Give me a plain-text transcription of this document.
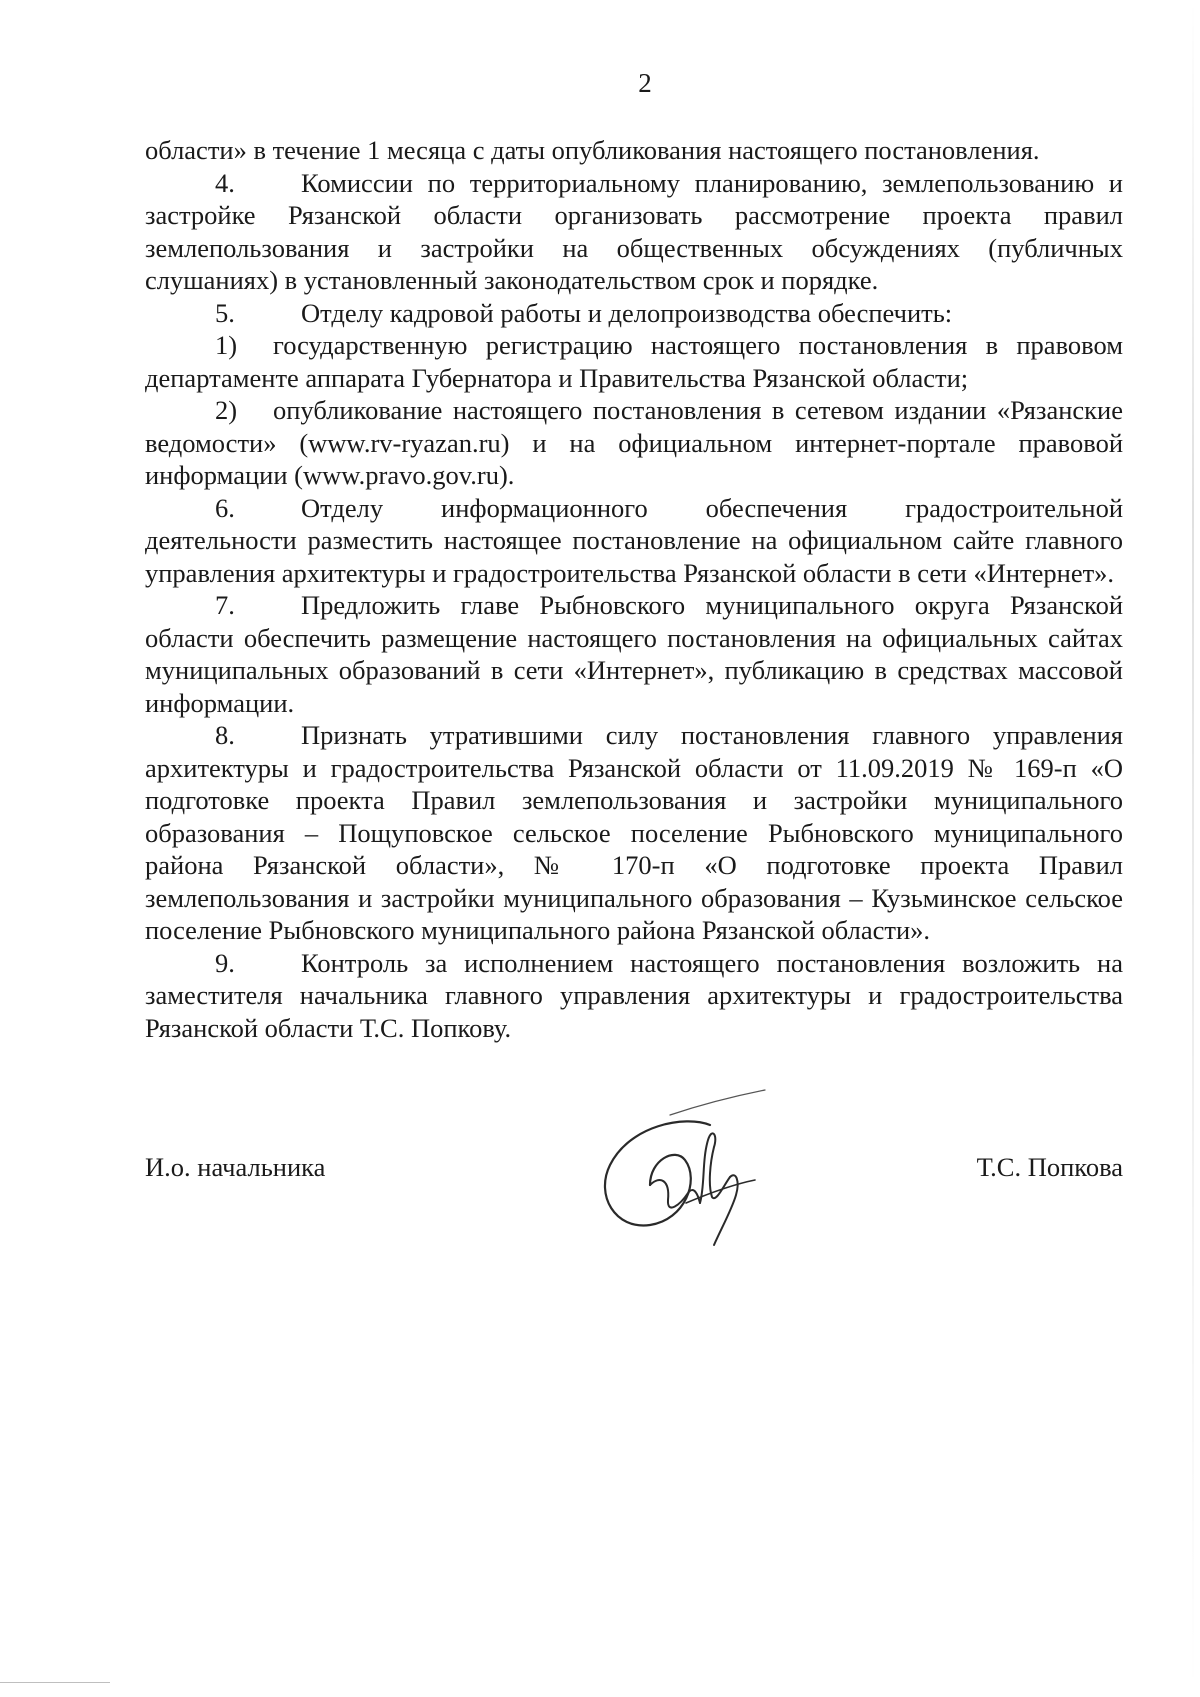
2

области» в течение 1 месяца с даты опубликования настоящего постановления.

4. Комиссии по территориальному планированию, землепользованию и застройке Рязанской области организовать рассмотрение проекта правил землепользования и застройки на общественных обсуждениях (публичных слушаниях) в установленный законодательством срок и порядке.

5. Отделу кадровой работы и делопроизводства обеспечить:

1) государственную регистрацию настоящего постановления в правовом департаменте аппарата Губернатора и Правительства Рязанской области;

2) опубликование настоящего постановления в сетевом издании «Рязанские ведомости» (www.rv-ryazan.ru) и на официальном интернет-портале правовой информации (www.pravo.gov.ru).

6. Отделу информационного обеспечения градостроительной деятельности разместить настоящее постановление на официальном сайте главного управления архитектуры и градостроительства Рязанской области в сети «Интернет».

7. Предложить главе Рыбновского муниципального округа Рязанской области обеспечить размещение настоящего постановления на официальных сайтах муниципальных образований в сети «Интернет», публикацию в средствах массовой информации.

8. Признать утратившими силу постановления главного управления архитектуры и градостроительства Рязанской области от 11.09.2019 № 169-п «О подготовке проекта Правил землепользования и застройки муниципального образования – Пощуповское сельское поселение Рыбновского муниципального района Рязанской области», № 170-п «О подготовке проекта Правил землепользования и застройки муниципального образования – Кузьминское сельское поселение Рыбновского муниципального района Рязанской области».

9. Контроль за исполнением настоящего постановления возложить на заместителя начальника главного управления архитектуры и градостроительства Рязанской области Т.С. Попкову.

И.о. начальника	Т.С. Попкова
